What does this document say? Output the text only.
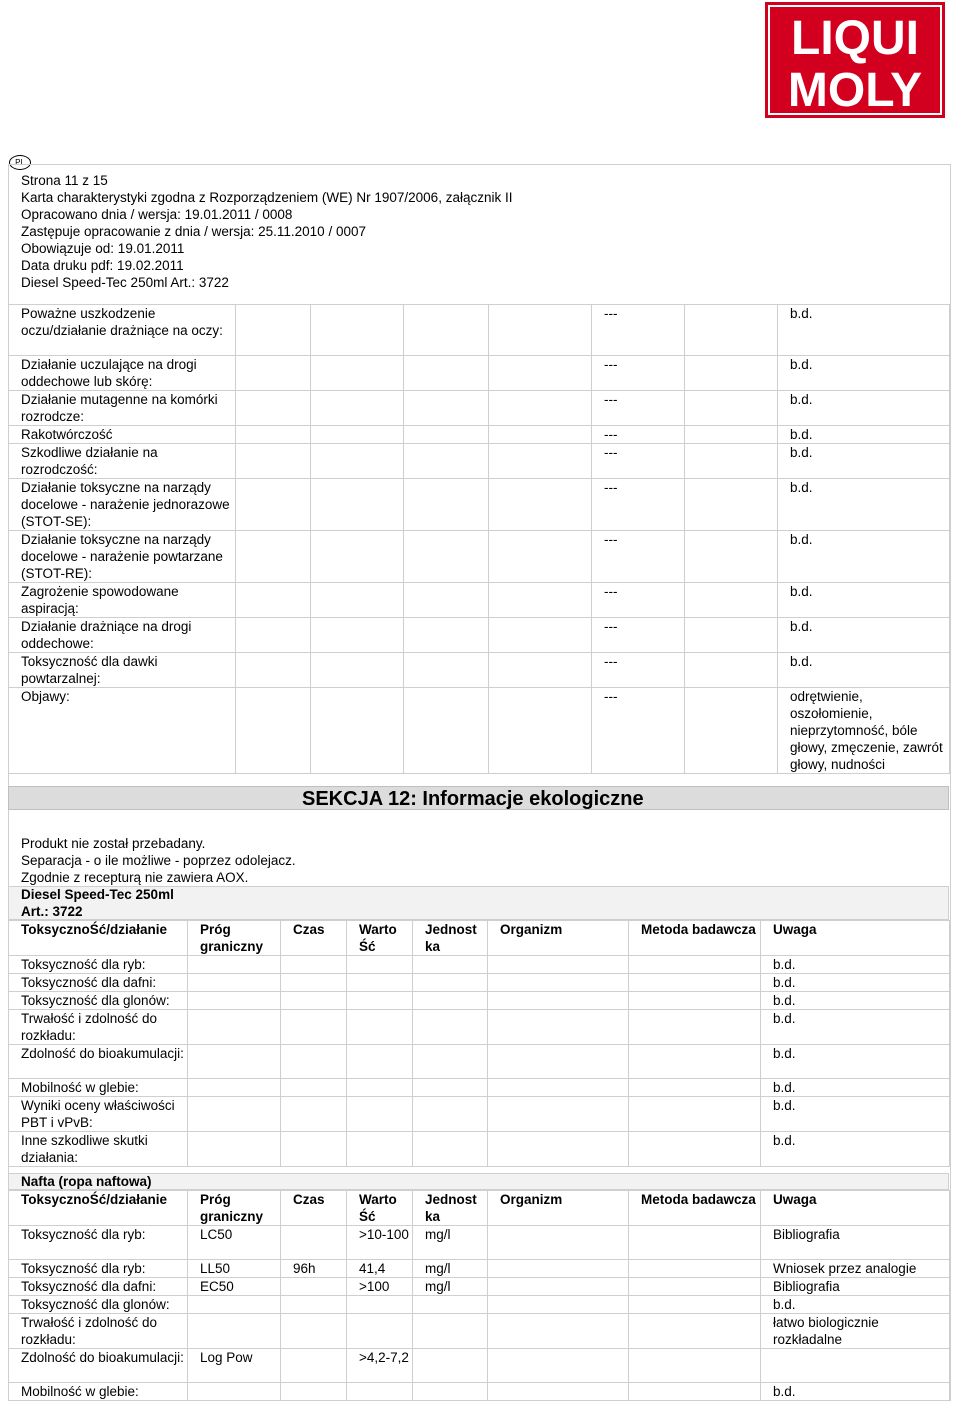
LIQUI
MOLY
PL
Strona 11 z 15
Karta charakterystyki zgodna z Rozporządzeniem (WE) Nr 1907/2006, załącznik II
Opracowano dnia / wersja: 19.01.2011 / 0008
Zastępuje opracowanie z dnia / wersja: 25.11.2010 / 0007
Obowiązuje od: 19.01.2011
Data druku pdf: 19.02.2011
Diesel Speed-Tec 250ml Art.: 3722
Poważne uszkodzenie oczu/działanie drażniące na oczy:					---		b.d.
Działanie uczulające na drogi oddechowe lub skórę:					---		b.d.
Działanie mutagenne na komórki rozrodcze:					---		b.d.
Rakotwórczość					---		b.d.
Szkodliwe działanie na rozrodczość:					---		b.d.
Działanie toksyczne na narządy docelowe - narażenie jednorazowe (STOT-SE):					---		b.d.
Działanie toksyczne na narządy docelowe - narażenie powtarzane (STOT-RE):					---		b.d.
Zagrożenie spowodowane aspiracją:					---		b.d.
Działanie drażniące na drogi oddechowe:					---		b.d.
Toksyczność dla dawki powtarzalnej:					---		b.d.
Objawy:					---		odrętwienie, oszołomienie, nieprzytomność, bóle głowy, zmęczenie, zawrót głowy, nudności
SEKCJA 12: Informacje ekologiczne
Produkt nie został przebadany.
Separacja - o ile możliwe - poprzez odolejacz.
Zgodnie z recepturą nie zawiera AOX.
Diesel Speed-Tec 250ml
Art.: 3722
ToksycznoŚć/działanie	Próg graniczny	Czas	Warto Ść	Jednost ka	Organizm	Metoda badawcza	Uwaga
Toksyczność dla ryb:							b.d.
Toksyczność dla dafni:							b.d.
Toksyczność dla glonów:							b.d.
Trwałość i zdolność do rozkładu:							b.d.
Zdolność do bioakumulacji:							b.d.
Mobilność w glebie:							b.d.
Wyniki oceny właściwości PBT i vPvB:							b.d.
Inne szkodliwe skutki działania:							b.d.
Nafta (ropa naftowa)
ToksycznoŚć/działanie	Próg graniczny	Czas	Warto Ść	Jednost ka	Organizm	Metoda badawcza	Uwaga
Toksyczność dla ryb:	LC50		>10-100	mg/l			Bibliografia
Toksyczność dla ryb:	LL50	96h	41,4	mg/l			Wniosek przez analogie
Toksyczność dla dafni:	EC50		>100	mg/l			Bibliografia
Toksyczność dla glonów:							b.d.
Trwałość i zdolność do rozkładu:							łatwo biologicznie rozkładalne
Zdolność do bioakumulacji:	Log Pow		>4,2-7,2				
Mobilność w glebie:							b.d.
